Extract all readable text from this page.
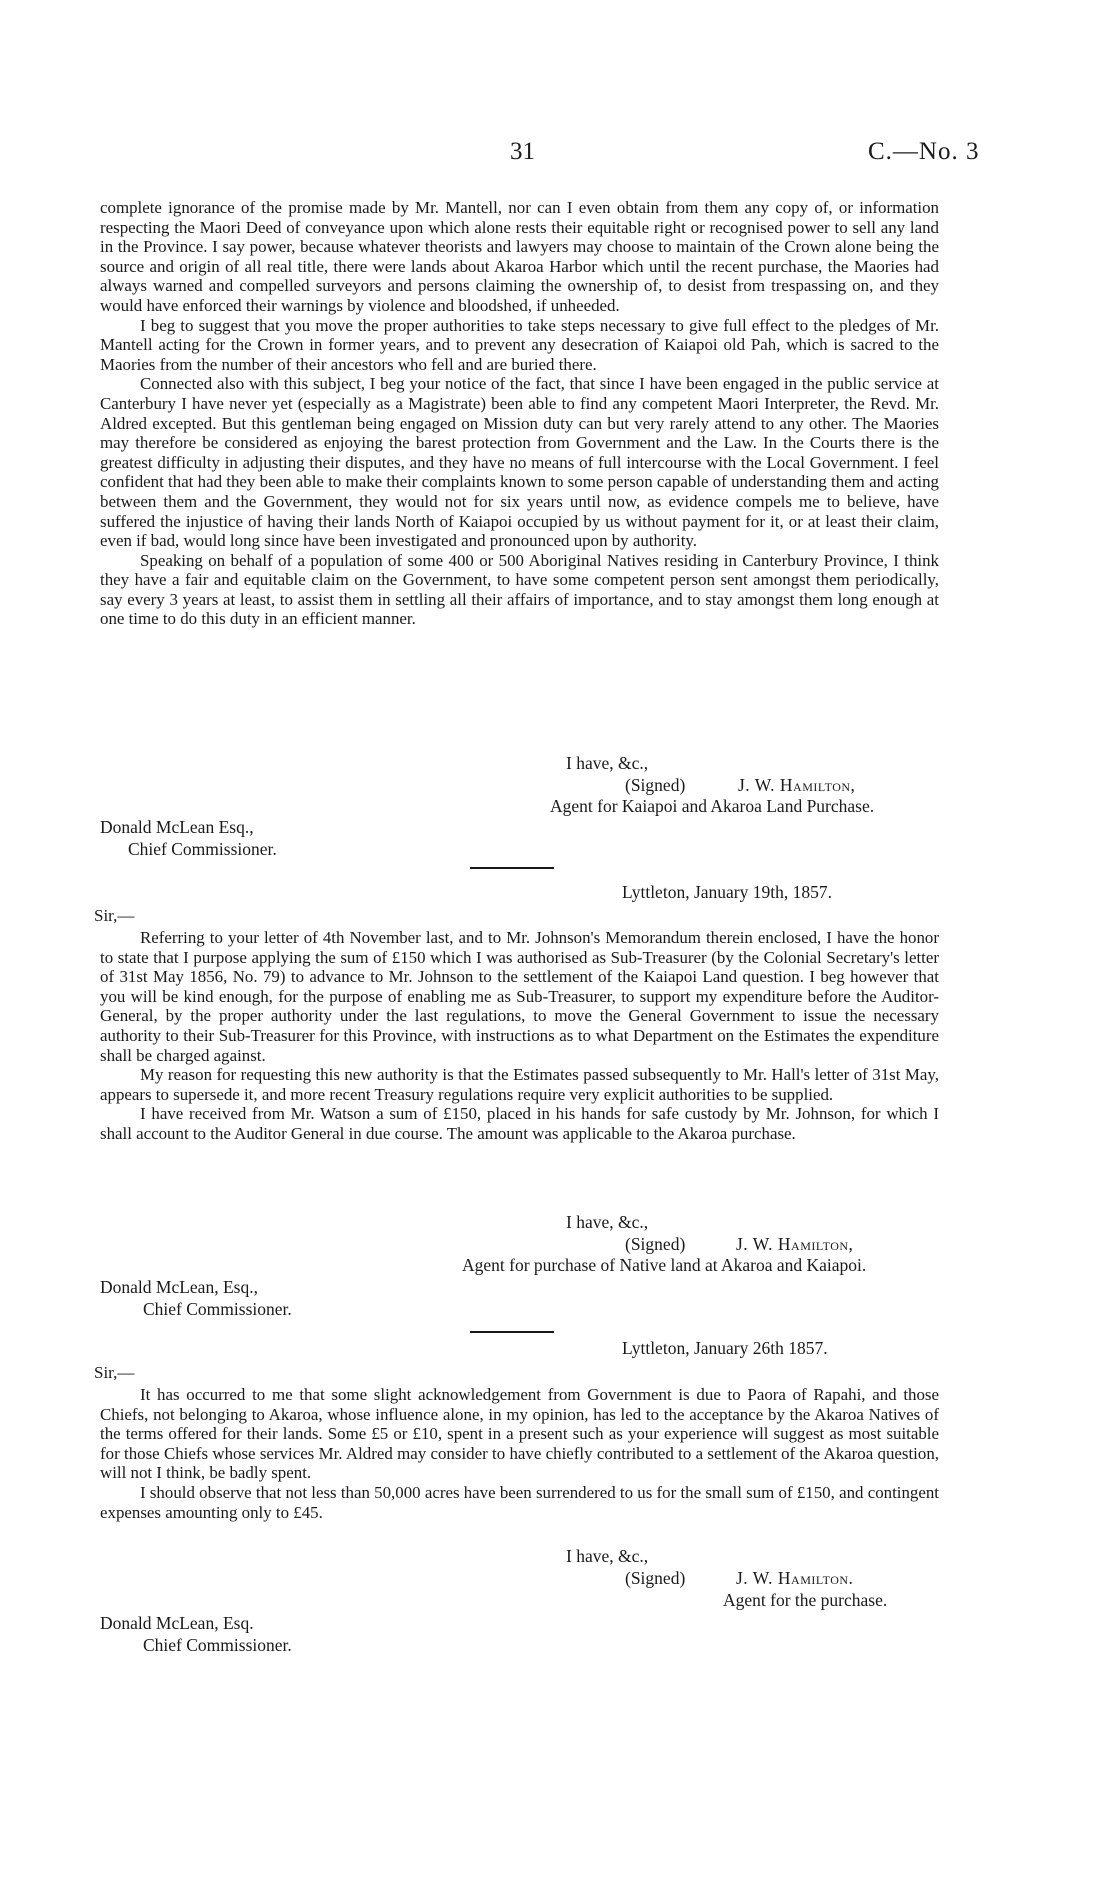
31	C.—No. 3

complete ignorance of the promise made by Mr. Mantell, nor can I even obtain from them any copy of, or information respecting the Maori Deed of conveyance upon which alone rests their equitable right or recognised power to sell any land in the Province. I say power, because whatever theorists and lawyers may choose to maintain of the Crown alone being the source and origin of all real title, there were lands about Akaroa Harbor which until the recent purchase, the Maories had always warned and compelled surveyors and persons claiming the ownership of, to desist from trespassing on, and they would have enforced their warnings by violence and bloodshed, if unheeded.

I beg to suggest that you move the proper authorities to take steps necessary to give full effect to the pledges of Mr. Mantell acting for the Crown in former years, and to prevent any desecration of Kaiapoi old Pah, which is sacred to the Maories from the number of their ancestors who fell and are buried there.

Connected also with this subject, I beg your notice of the fact, that since I have been engaged in the public service at Canterbury I have never yet (especially as a Magistrate) been able to find any competent Maori Interpreter, the Revd. Mr. Aldred excepted. But this gentleman being engaged on Mission duty can but very rarely attend to any other. The Maories may therefore be considered as enjoying the barest protection from Government and the Law. In the Courts there is the greatest difficulty in adjusting their disputes, and they have no means of full intercourse with the Local Government. I feel confident that had they been able to make their complaints known to some person capable of understanding them and acting between them and the Government, they would not for six years until now, as evidence compels me to believe, have suffered the injustice of having their lands North of Kaiapoi occupied by us without payment for it, or at least their claim, even if bad, would long since have been investigated and pronounced upon by authority.

Speaking on behalf of a population of some 400 or 500 Aboriginal Natives residing in Canterbury Province, I think they have a fair and equitable claim on the Government, to have some competent person sent amongst them periodically, say every 3 years at least, to assist them in settling all their affairs of importance, and to stay amongst them long enough at one time to do this duty in an efficient manner.

I have, &c.,
(Signed)	J. W. Hamilton,
Agent for Kaiapoi and Akaroa Land Purchase.
Donald McLean Esq.,
Chief Commissioner.
Lyttleton, January 19th, 1857.
Sir,—

Referring to your letter of 4th November last, and to Mr. Johnson's Memorandum therein enclosed, I have the honor to state that I purpose applying the sum of £150 which I was authorised as Sub-Treasurer (by the Colonial Secretary's letter of 31st May 1856, No. 79) to advance to Mr. Johnson to the settlement of the Kaiapoi Land question. I beg however that you will be kind enough, for the purpose of enabling me as Sub-Treasurer, to support my expenditure before the Auditor-General, by the proper authority under the last regulations, to move the General Government to issue the necessary authority to their Sub-Treasurer for this Province, with instructions as to what Department on the Estimates the expenditure shall be charged against.

My reason for requesting this new authority is that the Estimates passed subsequently to Mr. Hall's letter of 31st May, appears to supersede it, and more recent Treasury regulations require very explicit authorities to be supplied.

I have received from Mr. Watson a sum of £150, placed in his hands for safe custody by Mr. Johnson, for which I shall account to the Auditor General in due course. The amount was applicable to the Akaroa purchase.

I have, &c.,
(Signed)	J. W. Hamilton,
Agent for purchase of Native land at Akaroa and Kaiapoi.
Donald McLean, Esq.,
Chief Commissioner.
Lyttleton, January 26th 1857.
Sir,—

It has occurred to me that some slight acknowledgement from Government is due to Paora of Rapahi, and those Chiefs, not belonging to Akaroa, whose influence alone, in my opinion, has led to the acceptance by the Akaroa Natives of the terms offered for their lands. Some £5 or £10, spent in a present such as your experience will suggest as most suitable for those Chiefs whose services Mr. Aldred may consider to have chiefly contributed to a settlement of the Akaroa question, will not I think, be badly spent.

I should observe that not less than 50,000 acres have been surrendered to us for the small sum of £150, and contingent expenses amounting only to £45.

I have, &c.,
(Signed)	J. W. Hamilton.
Agent for the purchase.
Donald McLean, Esq.
Chief Commissioner.
